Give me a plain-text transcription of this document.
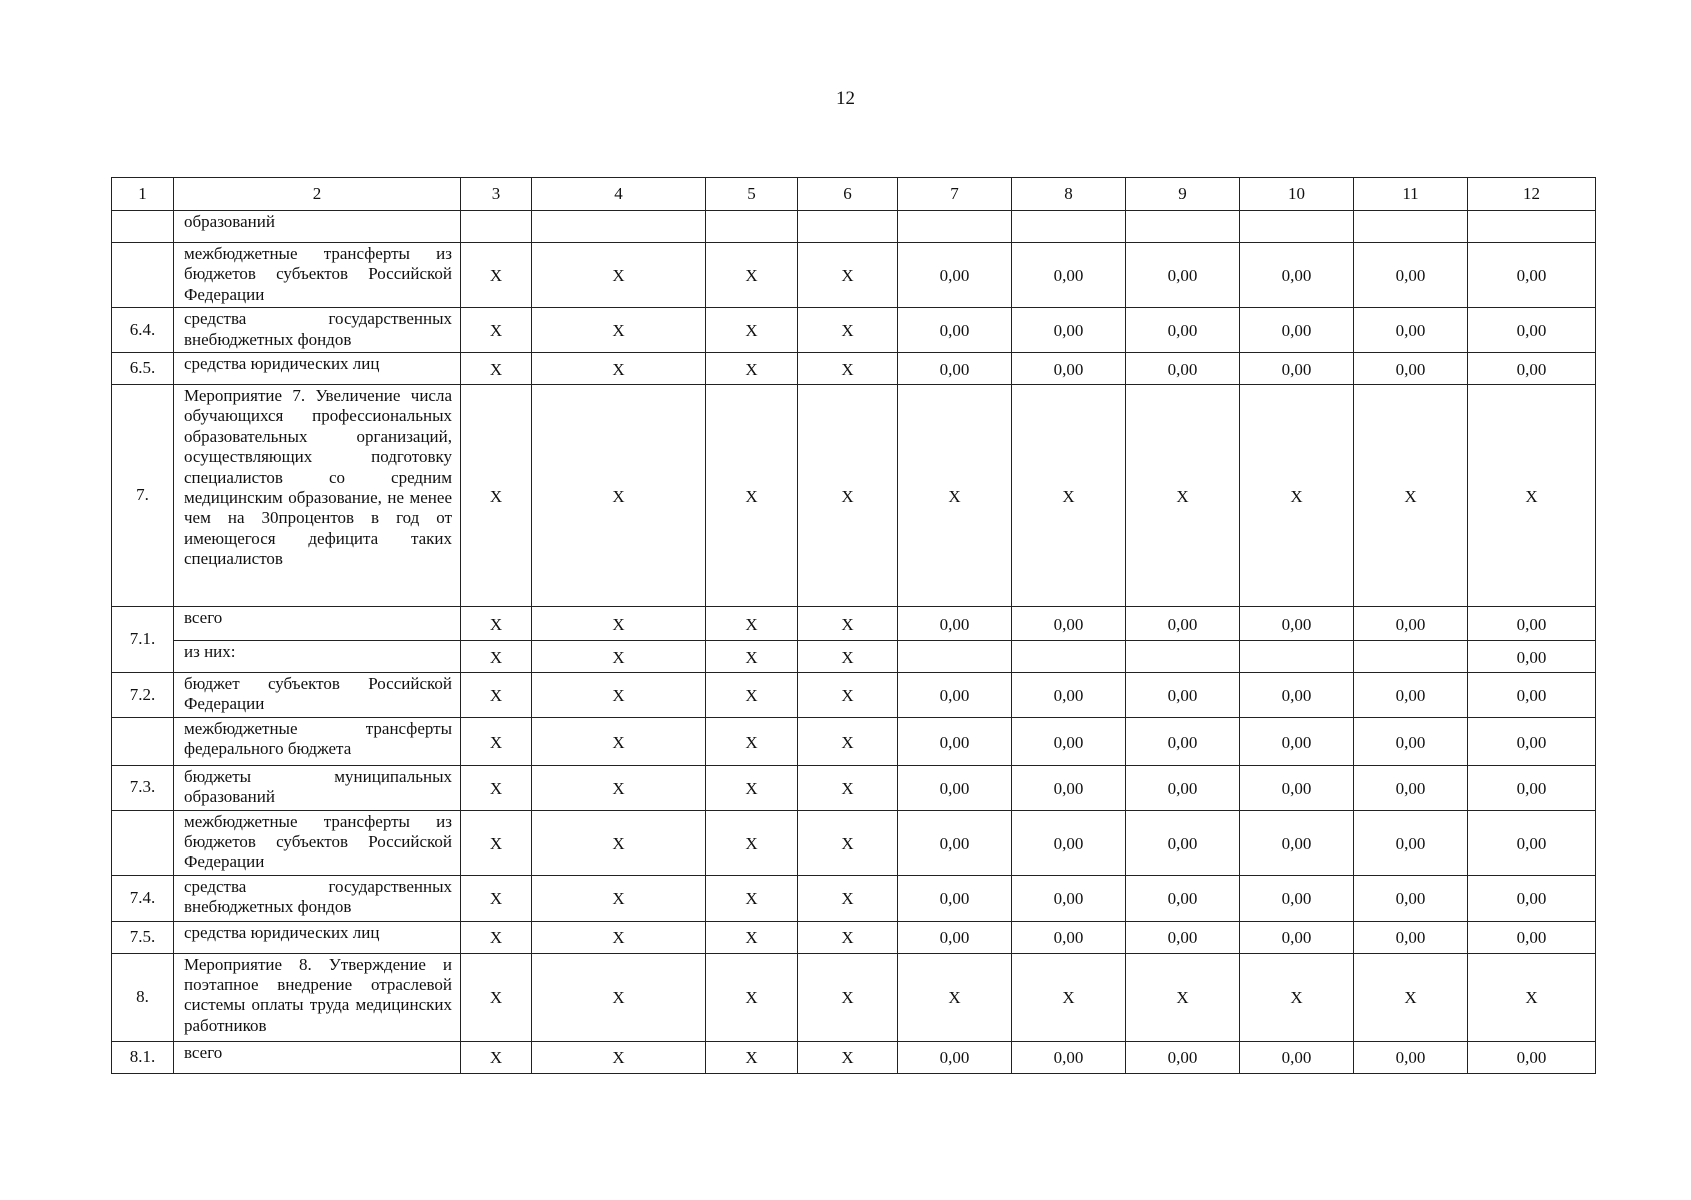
12
1	2	3	4	5	6	7	8	9	10	11	12
	образований										
	межбюджетные трансферты из бюджетов субъектов Российской Федерации	X	X	X	X	0,00	0,00	0,00	0,00	0,00	0,00
6.4.	средства государственных внебюджетных фондов	X	X	X	X	0,00	0,00	0,00	0,00	0,00	0,00
6.5.	средства юридических лиц	X	X	X	X	0,00	0,00	0,00	0,00	0,00	0,00
7.	Мероприятие 7. Увеличение числа обучающихся профессиональных образовательных организаций, осуществляющих подготовку специалистов со средним медицинским образование, не менее чем на 30процентов в год от имеющегося дефицита таких специалистов	X	X	X	X	X	X	X	X	X	X
7.1.	всего	X	X	X	X	0,00	0,00	0,00	0,00	0,00	0,00
	из них:	X	X	X	X						0,00
7.2.	бюджет субъектов Российской Федерации	X	X	X	X	0,00	0,00	0,00	0,00	0,00	0,00
	межбюджетные трансферты федерального бюджета	X	X	X	X	0,00	0,00	0,00	0,00	0,00	0,00
7.3.	бюджеты муниципальных образований	X	X	X	X	0,00	0,00	0,00	0,00	0,00	0,00
	межбюджетные трансферты из бюджетов субъектов Российской Федерации	X	X	X	X	0,00	0,00	0,00	0,00	0,00	0,00
7.4.	средства государственных внебюджетных фондов	X	X	X	X	0,00	0,00	0,00	0,00	0,00	0,00
7.5.	средства юридических лиц	X	X	X	X	0,00	0,00	0,00	0,00	0,00	0,00
8.	Мероприятие 8. Утверждение и поэтапное внедрение отраслевой системы оплаты труда медицинских работников	X	X	X	X	X	X	X	X	X	X
8.1.	всего	X	X	X	X	0,00	0,00	0,00	0,00	0,00	0,00
